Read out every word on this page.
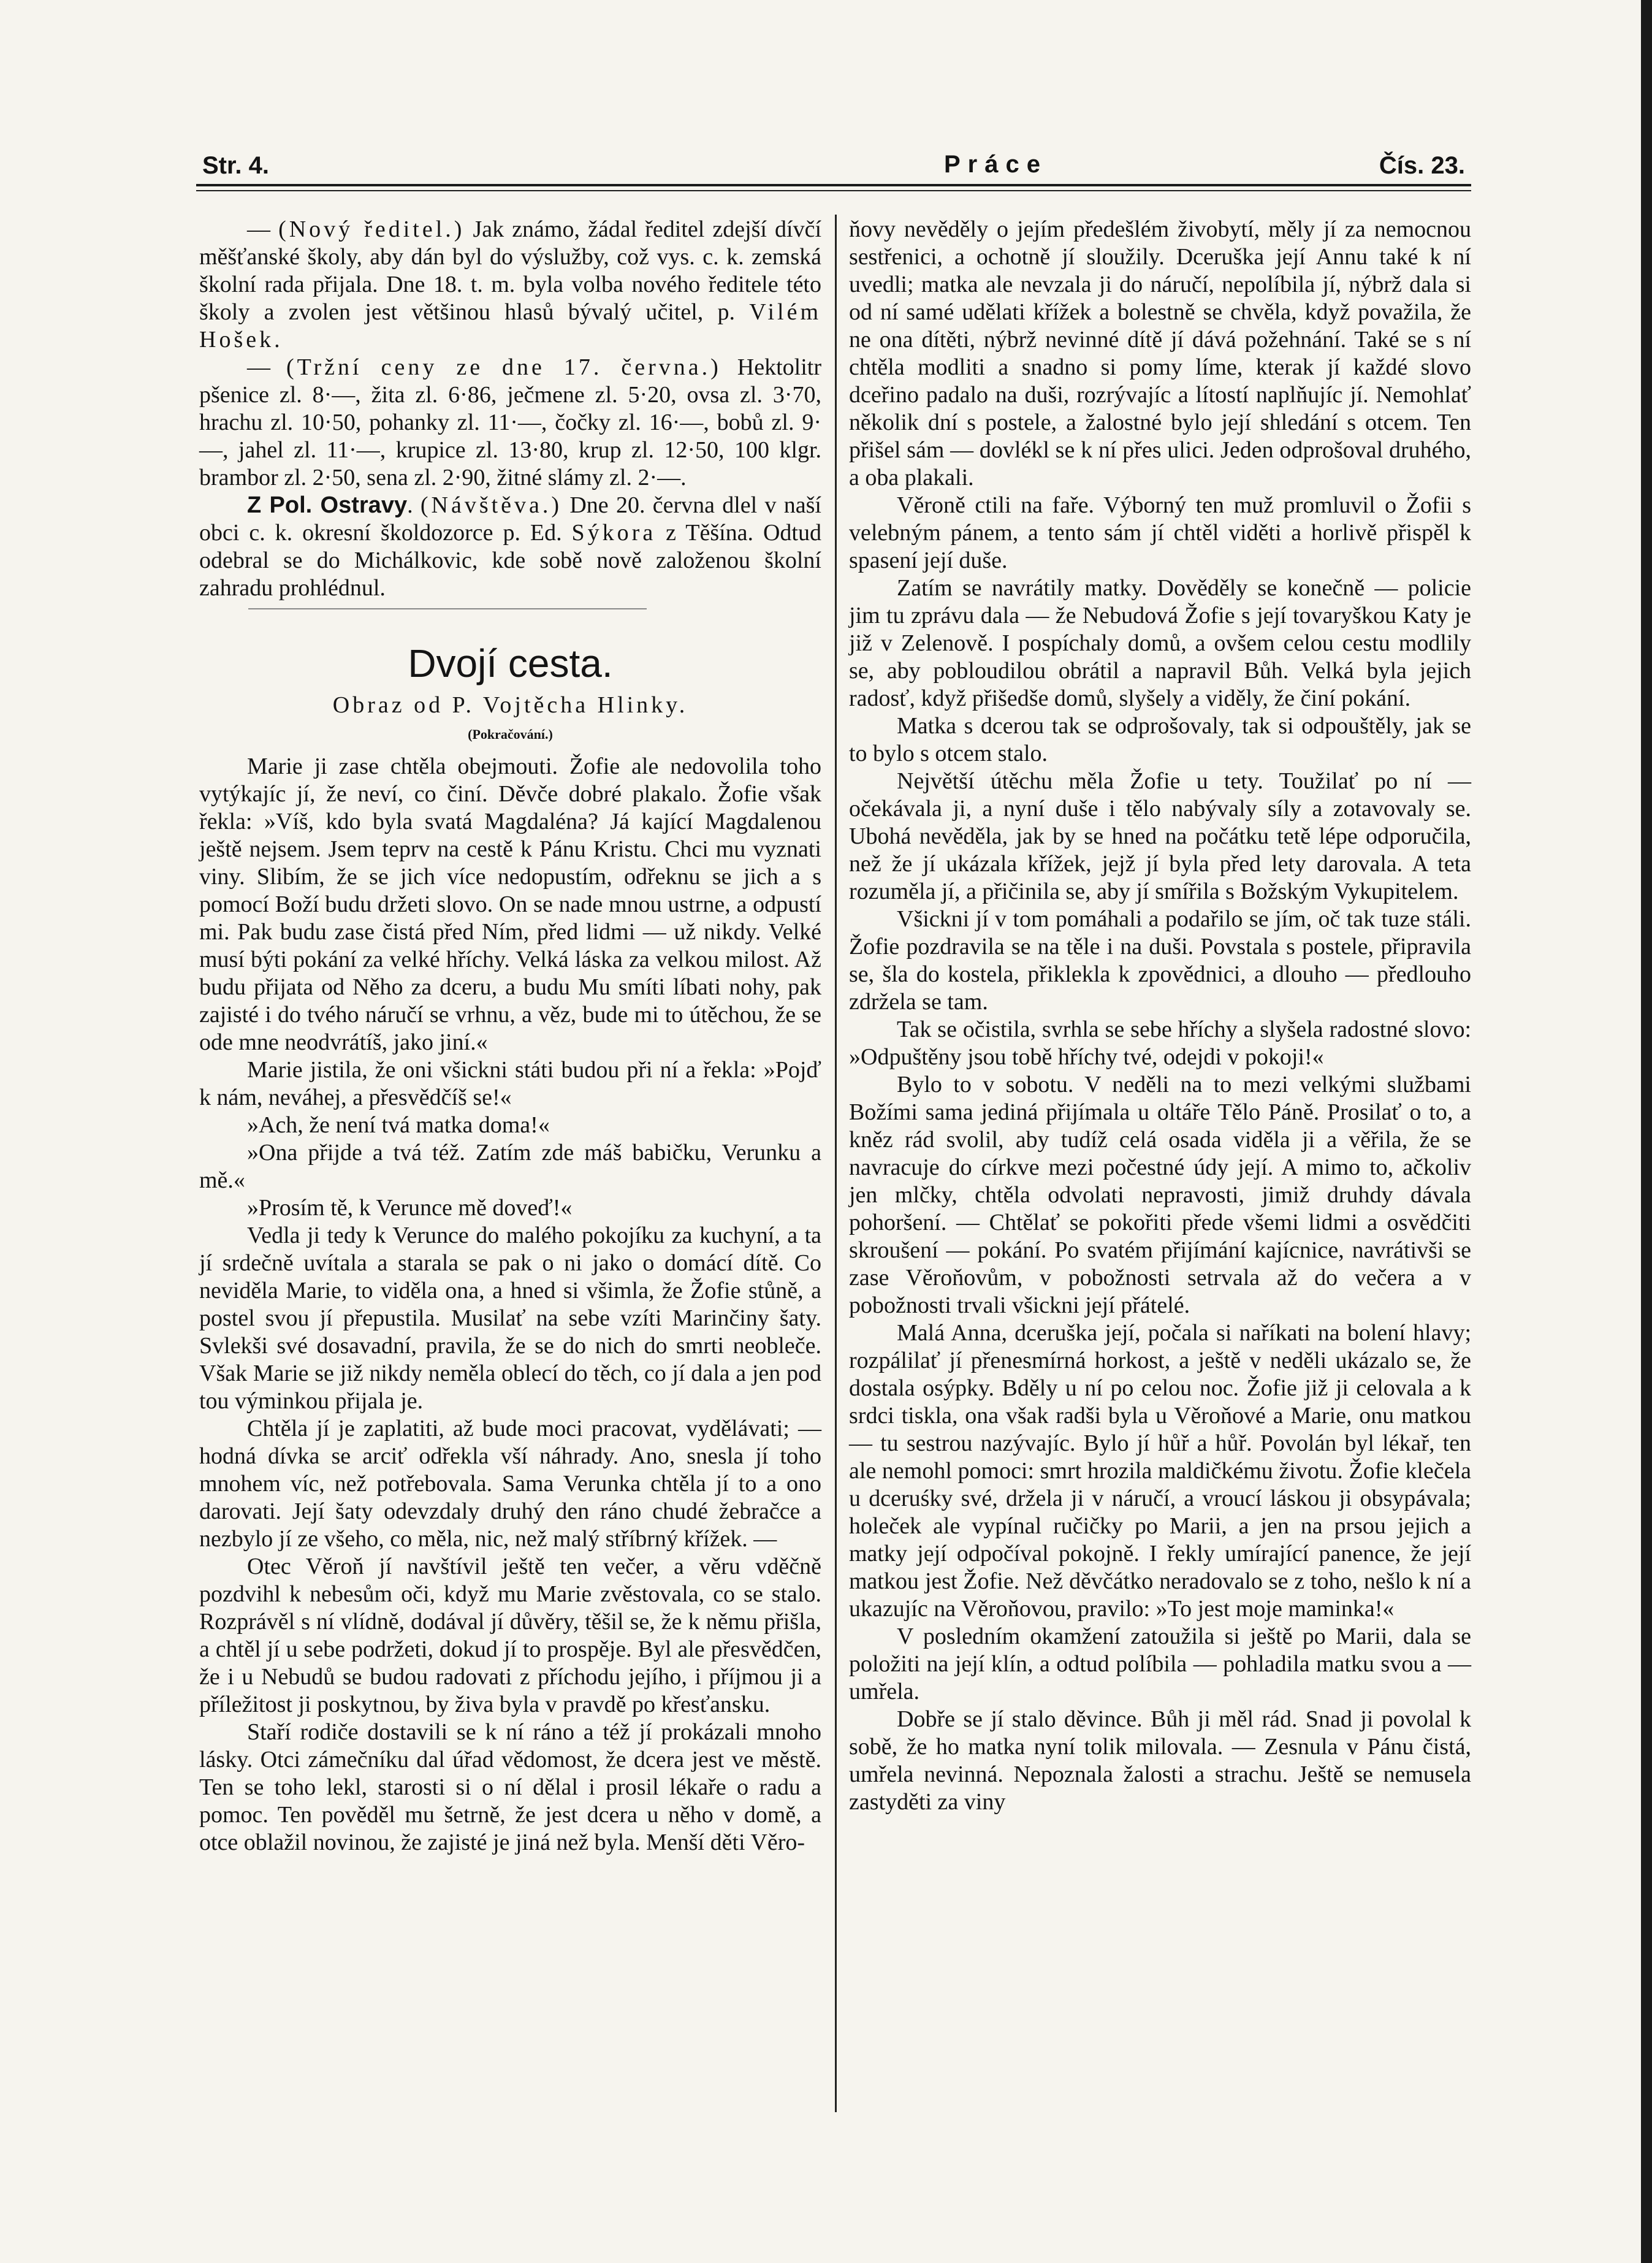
Str. 4.	Práce	Čís. 23.

— (Nový ředitel.) Jak známo, žádal ředitel zdejší dívčí měšťanské školy, aby dán byl do výslužby, což vys. c. k. zemská školní rada přijala. Dne 18. t. m. byla volba nového ředitele této školy a zvolen jest většinou hlasů bývalý učitel, p. Vilém Hošek.

— (Tržní ceny ze dne 17. června.) Hektolitr pšenice zl. 8·—, žita zl. 6·86, ječmene zl. 5·20, ovsa zl. 3·70, hrachu zl. 10·50, pohanky zl. 11·—, čočky zl. 16·—, bobů zl. 9·—, jahel zl. 11·—, krupice zl. 13·80, krup zl. 12·50, 100 klgr. brambor zl. 2·50, sena zl. 2·90, žitné slámy zl. 2·—.

Z Pol. Ostravy. (Návštěva.) Dne 20. června dlel v naší obci c. k. okresní školdozorce p. Ed. Sýkora z Těšína. Odtud odebral se do Michálkovic, kde sobě nově založenou školní zahradu prohlédnul.

Dvojí cesta.
Obraz od P. Vojtěcha Hlinky.
(Pokračování.)

Marie ji zase chtěla obejmouti. Žofie ale nedovolila toho vytýkajíc jí, že neví, co činí. Děvče dobré plakalo. Žofie však řekla: »Víš, kdo byla svatá Magdaléna? Já kající Magdalenou ještě nejsem. Jsem teprv na cestě k Pánu Kristu. Chci mu vyznati viny. Slibím, že se jich více nedopustím, odřeknu se jich a s pomocí Boží budu držeti slovo. On se nade mnou ustrne, a odpustí mi. Pak budu zase čistá před Ním, před lidmi — už nikdy. Velké musí býti pokání za velké hříchy. Velká láska za velkou milost. Až budu přijata od Něho za dceru, a budu Mu smíti líbati nohy, pak zajisté i do tvého náručí se vrhnu, a věz, bude mi to útěchou, že se ode mne neodvrátíš, jako jiní.«

Marie jistila, že oni všickni státi budou při ní a řekla: »Pojď k nám, neváhej, a přesvědčíš se!«

»Ach, že není tvá matka doma!«

»Ona přijde a tvá též. Zatím zde máš babičku, Verunku a mě.«

»Prosím tě, k Verunce mě doveď!«

Vedla ji tedy k Verunce do malého pokojíku za kuchyní, a ta jí srdečně uvítala a starala se pak o ni jako o domácí dítě. Co neviděla Marie, to viděla ona, a hned si všimla, že Žofie stůně, a postel svou jí přepustila. Musilať na sebe vzíti Marinčiny šaty. Svlekši své dosavadní, pravila, že se do nich do smrti neobleče. Však Marie se již nikdy neměla oblecí do těch, co jí dala a jen pod tou výminkou přijala je.

Chtěla jí je zaplatiti, až bude moci pracovat, vydělávati; — hodná dívka se arciť odřekla vší náhrady. Ano, snesla jí toho mnohem víc, než potřebovala. Sama Verunka chtěla jí to a ono darovati. Její šaty odevzdaly druhý den ráno chudé žebračce a nezbylo jí ze všeho, co měla, nic, než malý stříbrný křížek. —

Otec Věroň jí navštívil ještě ten večer, a věru vděčně pozdvihl k nebesům oči, když mu Marie zvěstovala, co se stalo. Rozprávěl s ní vlídně, dodával jí důvěry, těšil se, že k němu přišla, a chtěl jí u sebe podržeti, dokud jí to prospěje. Byl ale přesvědčen, že i u Nebudů se budou radovati z příchodu jejího, i příjmou ji a příležitost ji poskytnou, by živa byla v pravdě po křesťansku.

Staří rodiče dostavili se k ní ráno a též jí prokázali mnoho lásky. Otci zámečníku dal úřad vědomost, že dcera jest ve městě. Ten se toho lekl, starosti si o ní dělal i prosil lékaře o radu a pomoc. Ten pověděl mu šetrně, že jest dcera u něho v domě, a otce oblažil novinou, že zajisté je jiná než byla. Menší děti Věro-

ňovy nevěděly o jejím předešlém živobytí, měly jí za nemocnou sestřenici, a ochotně jí sloužily. Dceruška její Annu také k ní uvedli; matka ale nevzala ji do náručí, nepolíbila jí, nýbrž dala si od ní samé udělati křížek a bolestně se chvěla, když považila, že ne ona dítěti, nýbrž nevinné dítě jí dává požehnání. Také se s ní chtěla modliti a snadno si pomy líme, kterak jí každé slovo dceřino padalo na duši, rozrývajíc a lítostí naplňujíc jí. Nemohlať několik dní s postele, a žalostné bylo její shledání s otcem. Ten přišel sám — dovlékl se k ní přes ulici. Jeden odprošoval druhého, a oba plakali.

Věroně ctili na faře. Výborný ten muž promluvil o Žofii s velebným pánem, a tento sám jí chtěl viděti a horlivě přispěl k spasení její duše.

Zatím se navrátily matky. Dověděly se konečně — policie jim tu zprávu dala — že Nebudová Žofie s její tovaryškou Katy je již v Zelenově. I pospíchaly domů, a ovšem celou cestu modlily se, aby pobloudilou obrátil a napravil Bůh. Velká byla jejich radosť, když přišedše domů, slyšely a viděly, že činí pokání.

Matka s dcerou tak se odprošovaly, tak si odpouštěly, jak se to bylo s otcem stalo.

Největší útěchu měla Žofie u tety. Toužilať po ní — očekávala ji, a nyní duše i tělo nabývaly síly a zotavovaly se. Ubohá nevěděla, jak by se hned na počátku tetě lépe odporučila, než že jí ukázala křížek, jejž jí byla před lety darovala. A teta rozuměla jí, a přičinila se, aby jí smířila s Božským Vykupitelem.

Všickni jí v tom pomáhali a podařilo se jím, oč tak tuze stáli. Žofie pozdravila se na těle i na duši. Povstala s postele, připravila se, šla do kostela, přiklekla k zpovědnici, a dlouho — předlouho zdržela se tam.

Tak se očistila, svrhla se sebe hříchy a slyšela radostné slovo: »Odpuštěny jsou tobě hříchy tvé, odejdi v pokoji!«

Bylo to v sobotu. V neděli na to mezi velkými službami Božími sama jediná přijímala u oltáře Tělo Páně. Prosilať o to, a kněz rád svolil, aby tudíž celá osada viděla ji a věřila, že se navracuje do církve mezi počestné údy její. A mimo to, ačkoliv jen mlčky, chtěla odvolati nepravosti, jimiž druhdy dávala pohoršení. — Chtělať se pokořiti přede všemi lidmi a osvědčiti skroušení — pokání. Po svatém přijímání kajícnice, navrátivši se zase Věroňovům, v pobožnosti setrvala až do večera a v pobožnosti trvali všickni její přátelé.

Malá Anna, dceruška její, počala si naříkati na bolení hlavy; rozpálilať jí přenesmírná horkost, a ještě v neděli ukázalo se, že dostala osýpky. Bděly u ní po celou noc. Žofie již ji celovala a k srdci tiskla, ona však radši byla u Věroňové a Marie, onu matkou — tu sestrou nazývajíc. Bylo jí hůř a hůř. Povolán byl lékař, ten ale nemohl pomoci: smrt hrozila maldičkému životu. Žofie klečela u dceruśky své, držela ji v náručí, a vroucí láskou ji obsypávala; holeček ale vypínal ručičky po Marii, a jen na prsou jejich a matky její odpočíval pokojně. I řekly umírající panence, že její matkou jest Žofie. Než děvčátko neradovalo se z toho, nešlo k ní a ukazujíc na Věroňovou, pravilo: »To jest moje maminka!«

V posledním okamžení zatoužila si ještě po Marii, dala se položiti na její klín, a odtud políbila — pohladila matku svou a — umřela.

Dobře se jí stalo děvince. Bůh ji měl rád. Snad ji povolal k sobě, že ho matka nyní tolik milovala. — Zesnula v Pánu čistá, umřela nevinná. Nepoznala žalosti a strachu. Ještě se nemusela zastyděti za viny
